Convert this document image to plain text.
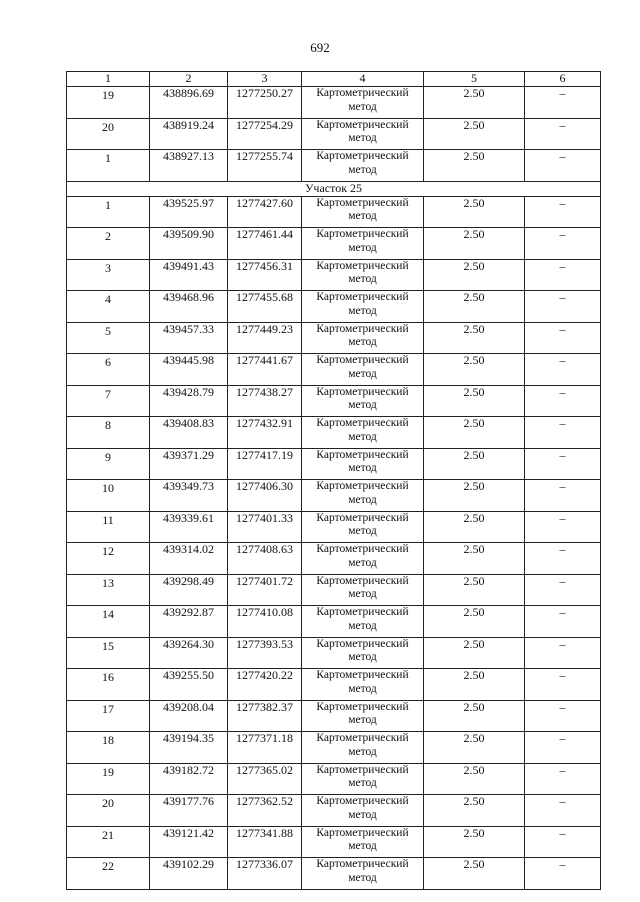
692
1	2	3	4	5	6
19	438896.69	1277250.27	Картометрический метод	2.50	–
20	438919.24	1277254.29	Картометрический метод	2.50	–
1	438927.13	1277255.74	Картометрический метод	2.50	–
Участок 25					
1	439525.97	1277427.60	Картометрический метод	2.50	–
2	439509.90	1277461.44	Картометрический метод	2.50	–
3	439491.43	1277456.31	Картометрический метод	2.50	–
4	439468.96	1277455.68	Картометрический метод	2.50	–
5	439457.33	1277449.23	Картометрический метод	2.50	–
6	439445.98	1277441.67	Картометрический метод	2.50	–
7	439428.79	1277438.27	Картометрический метод	2.50	–
8	439408.83	1277432.91	Картометрический метод	2.50	–
9	439371.29	1277417.19	Картометрический метод	2.50	–
10	439349.73	1277406.30	Картометрический метод	2.50	–
11	439339.61	1277401.33	Картометрический метод	2.50	–
12	439314.02	1277408.63	Картометрический метод	2.50	–
13	439298.49	1277401.72	Картометрический метод	2.50	–
14	439292.87	1277410.08	Картометрический метод	2.50	–
15	439264.30	1277393.53	Картометрический метод	2.50	–
16	439255.50	1277420.22	Картометрический метод	2.50	–
17	439208.04	1277382.37	Картометрический метод	2.50	–
18	439194.35	1277371.18	Картометрический метод	2.50	–
19	439182.72	1277365.02	Картометрический метод	2.50	–
20	439177.76	1277362.52	Картометрический метод	2.50	–
21	439121.42	1277341.88	Картометрический метод	2.50	–
22	439102.29	1277336.07	Картометрический метод	2.50	–
